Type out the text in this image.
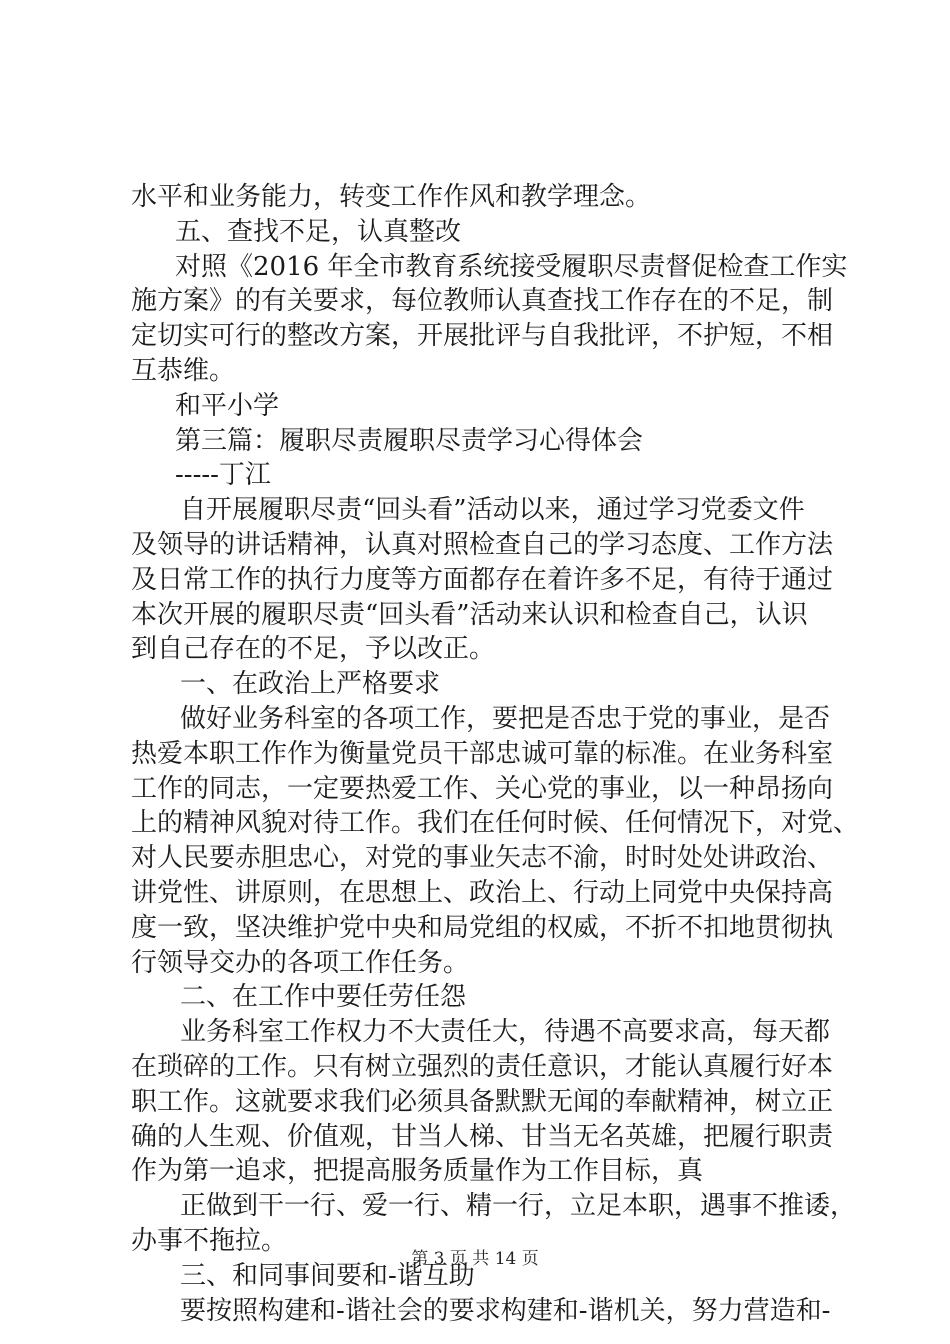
水平和业务能力，转变工作作风和教学理念。
五、查找不足，认真整改
对照《2016 年全市教育系统接受履职尽责督促检查工作实
施方案》的有关要求，每位教师认真查找工作存在的不足，制
定切实可行的整改方案，开展批评与自我批评，不护短，不相
互恭维。
和平小学
第三篇：履职尽责履职尽责学习心得体会
-----丁江
自开展履职尽责“回头看”活动以来，通过学习党委文件
及领导的讲话精神，认真对照检查自己的学习态度、工作方法
及日常工作的执行力度等方面都存在着许多不足，有待于通过
本次开展的履职尽责“回头看”活动来认识和检查自己，认识
到自己存在的不足，予以改正。
一、在政治上严格要求
做好业务科室的各项工作，要把是否忠于党的事业，是否
热爱本职工作作为衡量党员干部忠诚可靠的标准。在业务科室
工作的同志，一定要热爱工作、关心党的事业，以一种昂扬向
上的精神风貌对待工作。我们在任何时候、任何情况下，对党、
对人民要赤胆忠心，对党的事业矢志不渝，时时处处讲政治、
讲党性、讲原则，在思想上、政治上、行动上同党中央保持高
度一致，坚决维护党中央和局党组的权威，不折不扣地贯彻执
行领导交办的各项工作任务。
二、在工作中要任劳任怨
业务科室工作权力不大责任大，待遇不高要求高，每天都
在琐碎的工作。只有树立强烈的责任意识，才能认真履行好本
职工作。这就要求我们必须具备默默无闻的奉献精神，树立正
确的人生观、价值观，甘当人梯、甘当无名英雄，把履行职责
作为第一追求，把提高服务质量作为工作目标，真
正做到干一行、爱一行、精一行，立足本职，遇事不推诿，
办事不拖拉。
三、和同事间要和-谐互助
要按照构建和-谐社会的要求构建和-谐机关，努力营造和-
第 3 页 共 14 页
